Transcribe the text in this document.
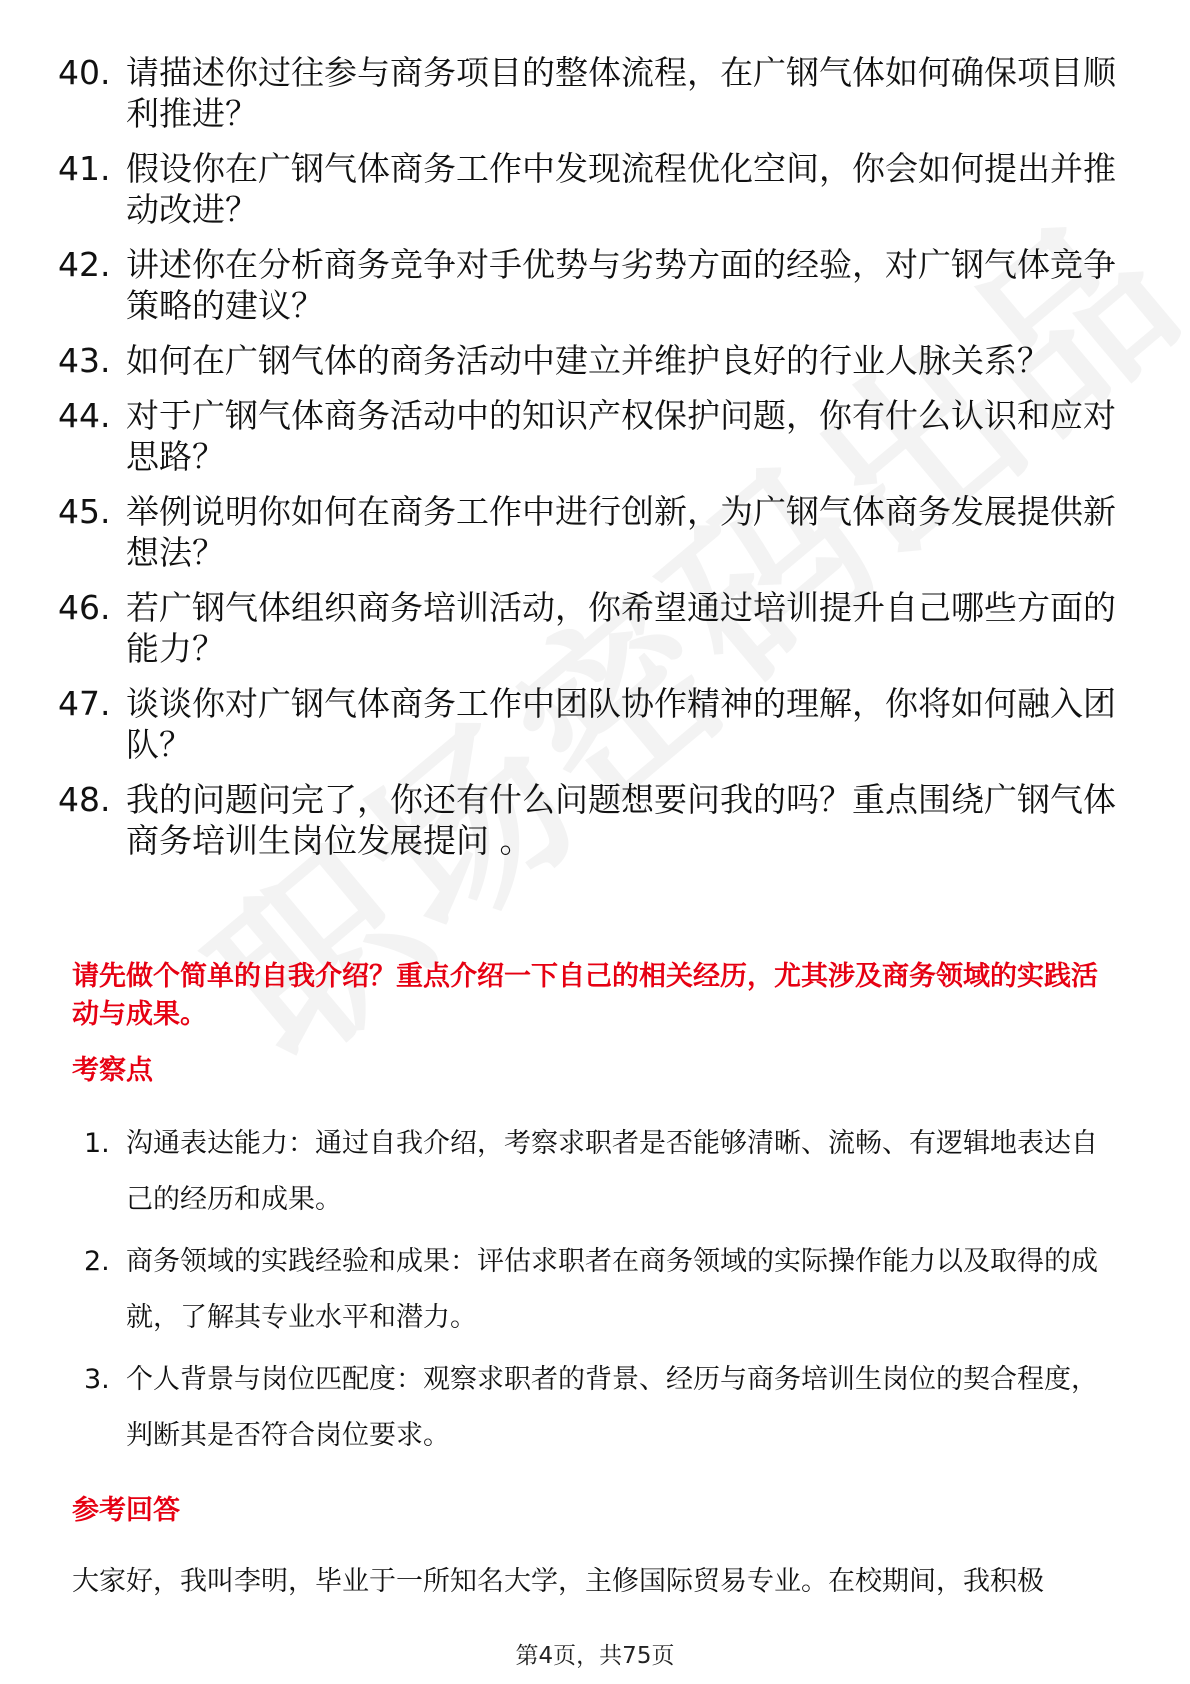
40. 请描述你过往参与商务项目的整体流程，在广钢气体如何确保项目顺利推进？
41. 假设你在广钢气体商务工作中发现流程优化空间，你会如何提出并推动改进？
42. 讲述你在分析商务竞争对手优势与劣势方面的经验，对广钢气体竞争策略的建议？
43. 如何在广钢气体的商务活动中建立并维护良好的行业人脉关系？
44. 对于广钢气体商务活动中的知识产权保护问题，你有什么认识和应对思路？
45. 举例说明你如何在商务工作中进行创新，为广钢气体商务发展提供新想法？
46. 若广钢气体组织商务培训活动，你希望通过培训提升自己哪些方面的能力？
47. 谈谈你对广钢气体商务工作中团队协作精神的理解，你将如何融入团队？
48. 我的问题问完了，你还有什么问题想要问我的吗？重点围绕广钢气体商务培训生岗位发展提问 。
请先做个简单的自我介绍？重点介绍一下自己的相关经历，尤其涉及商务领域的实践活动与成果。
考察点
1. 沟通表达能力：通过自我介绍，考察求职者是否能够清晰、流畅、有逻辑地表达自己的经历和成果。
2. 商务领域的实践经验和成果：评估求职者在商务领域的实际操作能力以及取得的成就，了解其专业水平和潜力。
3. 个人背景与岗位匹配度：观察求职者的背景、经历与商务培训生岗位的契合程度，判断其是否符合岗位要求。
参考回答
大家好，我叫李明，毕业于一所知名大学，主修国际贸易专业。在校期间，我积极
第4页，共75页
